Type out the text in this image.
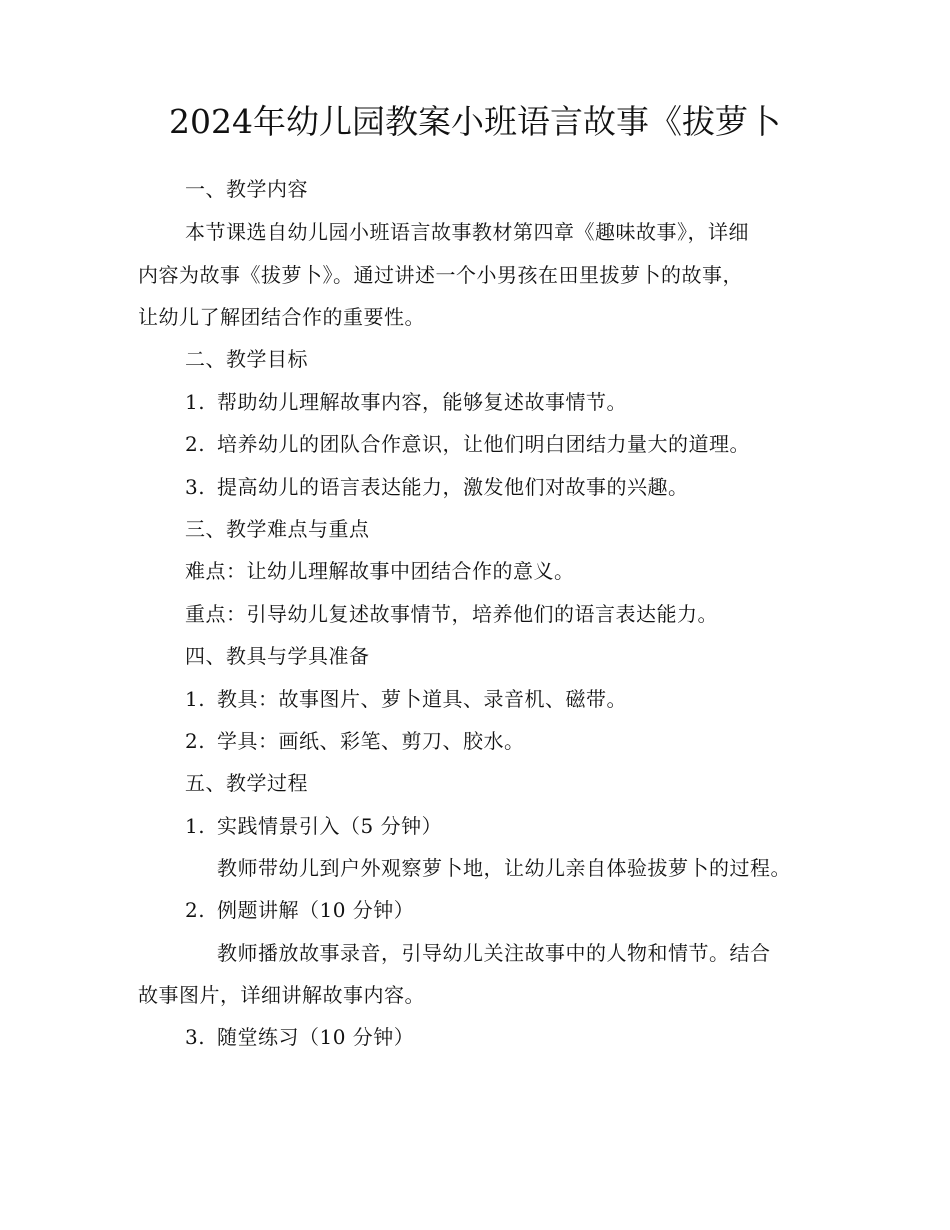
2024年幼儿园教案小班语言故事《拔萝卜
一、教学内容
本节课选自幼儿园小班语言故事教材第四章《趣味故事》，详细
内容为故事《拔萝卜》。通过讲述一个小男孩在田里拔萝卜的故事，
让幼儿了解团结合作的重要性。
二、教学目标
1. 帮助幼儿理解故事内容，能够复述故事情节。
2. 培养幼儿的团队合作意识，让他们明白团结力量大的道理。
3. 提高幼儿的语言表达能力，激发他们对故事的兴趣。
三、教学难点与重点
难点：让幼儿理解故事中团结合作的意义。
重点：引导幼儿复述故事情节，培养他们的语言表达能力。
四、教具与学具准备
1. 教具：故事图片、萝卜道具、录音机、磁带。
2. 学具：画纸、彩笔、剪刀、胶水。
五、教学过程
1. 实践情景引入（5 分钟）
教师带幼儿到户外观察萝卜地，让幼儿亲自体验拔萝卜的过程。
2. 例题讲解（10 分钟）
教师播放故事录音，引导幼儿关注故事中的人物和情节。结合
故事图片，详细讲解故事内容。
3. 随堂练习（10 分钟）
